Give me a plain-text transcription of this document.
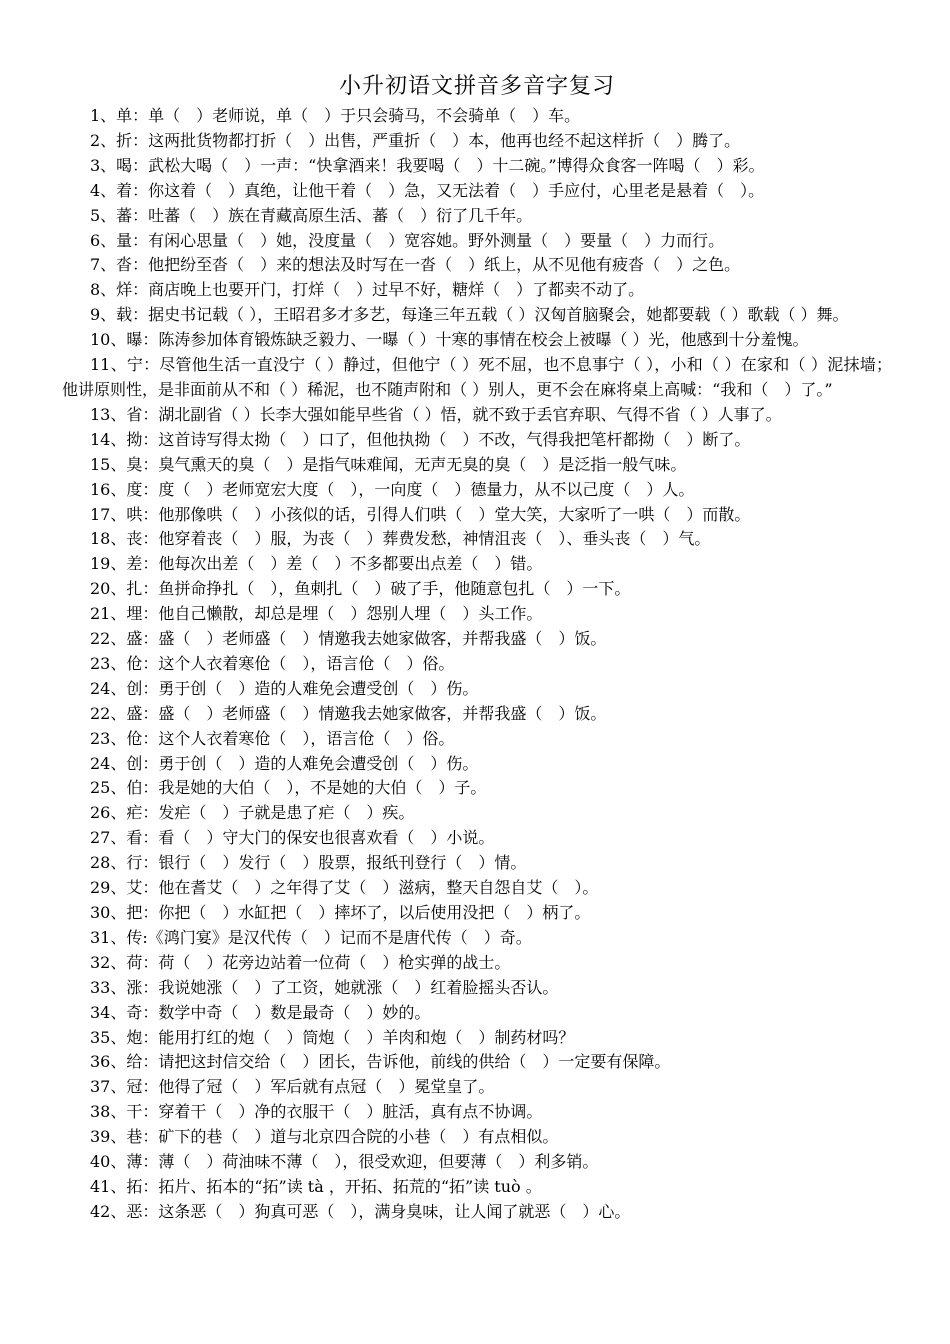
小升初语文拼音多音字复习
1、单：单（　）老师说，单（　）于只会骑马，不会骑单（　）车。
2、折：这两批货物都打折（　）出售，严重折（　）本，他再也经不起这样折（　）腾了。
3、喝：武松大喝（　）一声：“快拿酒来！我要喝（　）十二碗。”博得众食客一阵喝（　）彩。
4、着：你这着（　）真绝，让他干着（　）急，又无法着（　）手应付，心里老是悬着（　）。
5、蕃：吐蕃（　）族在青藏高原生活、蕃（　）衍了几千年。
6、量：有闲心思量（　）她，没度量（　）宽容她。野外测量（　）要量（　）力而行。
7、沓：他把纷至沓（　）来的想法及时写在一沓（　）纸上，从不见他有疲沓（　）之色。
8、烊：商店晚上也要开门，打烊（　）过早不好，糖烊（　）了都卖不动了。
9、载：据史书记载（ ），王昭君多才多艺，每逢三年五载（ ）汉匈首脑聚会，她都要载（ ）歌载（ ）舞。
10、曝：陈涛参加体育锻炼缺乏毅力、一曝（ ）十寒的事情在校会上被曝（ ）光，他感到十分羞愧。
11、宁：尽管他生活一直没宁（ ）静过，但他宁（ ）死不屈，也不息事宁（ ），小和（ ）在家和（ ）泥抹墙；他讲原则性，是非面前从不和（ ）稀泥，也不随声附和（ ）别人，更不会在麻将桌上高喊：“我和（　）了。”
13、省：湖北副省（ ）长李大强如能早些省（ ）悟，就不致于丢官弃职、气得不省（ ）人事了。
14、拗：这首诗写得太拗（　）口了，但他执拗（　）不改，气得我把笔杆都拗（　）断了。
15、臭：臭气熏天的臭（　）是指气味难闻，无声无臭的臭（　）是泛指一般气味。
16、度：度（　）老师宽宏大度（　），一向度（　）德量力，从不以己度（　）人。
17、哄：他那像哄（　）小孩似的话，引得人们哄（　）堂大笑，大家听了一哄（　）而散。
18、丧：他穿着丧（　）服，为丧（　）葬费发愁，神情沮丧（　）、垂头丧（　）气。
19、差：他每次出差（　）差（　）不多都要出点差（　）错。
20、扎：鱼拼命挣扎（　），鱼刺扎（　）破了手，他随意包扎（　）一下。
21、埋：他自己懒散，却总是埋（　）怨别人埋（　）头工作。
22、盛：盛（　）老师盛（　）情邀我去她家做客，并帮我盛（　）饭。
23、伧：这个人衣着寒伧（　），语言伧（　）俗。
24、创：勇于创（　）造的人难免会遭受创（　）伤。
22、盛：盛（　）老师盛（　）情邀我去她家做客，并帮我盛（　）饭。
23、伧：这个人衣着寒伧（　），语言伧（　）俗。
24、创：勇于创（　）造的人难免会遭受创（　）伤。
25、伯：我是她的大伯（　），不是她的大伯（　）子。
26、疟：发疟（　）子就是患了疟（　）疾。
27、看：看（　）守大门的保安也很喜欢看（　）小说。
28、行：银行（　）发行（　）股票，报纸刊登行（　）情。
29、艾：他在耆艾（　）之年得了艾（　）滋病，整天自怨自艾（　）。
30、把：你把（　）水缸把（　）摔坏了，以后使用没把（　）柄了。
31、传:《鸿门宴》是汉代传（　）记而不是唐代传（　）奇。
32、荷：荷（　）花旁边站着一位荷（　）枪实弹的战士。
33、涨：我说她涨（　）了工资，她就涨（　）红着脸摇头否认。
34、奇：数学中奇（　）数是最奇（　）妙的。
35、炮：能用打红的炮（　）筒炮（　）羊肉和炮（　）制药材吗？
36、给：请把这封信交给（　）团长，告诉他，前线的供给（　）一定要有保障。
37、冠：他得了冠（　）军后就有点冠（　）冕堂皇了。
38、干：穿着干（　）净的衣服干（　）脏活，真有点不协调。
39、巷：矿下的巷（　）道与北京四合院的小巷（　）有点相似。
40、薄：薄（　）荷油味不薄（　），很受欢迎，但要薄（　）利多销。
41、拓：拓片、拓本的“拓”读 tà ，开拓、拓荒的“拓”读 tuò 。
42、恶：这条恶（　）狗真可恶（　），满身臭味，让人闻了就恶（　）心。
